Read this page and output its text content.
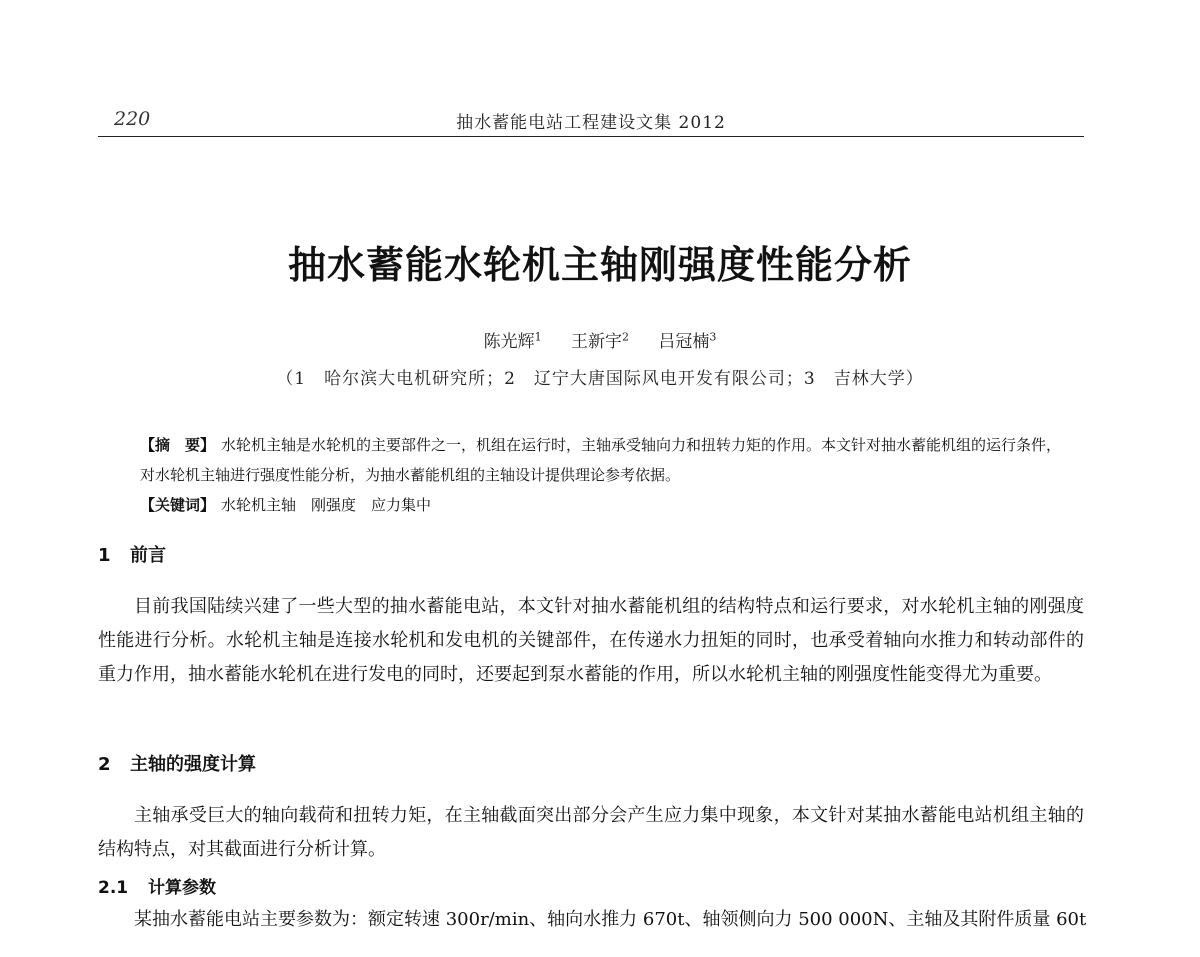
220	抽水蓄能电站工程建设文集 2012
抽水蓄能水轮机主轴刚强度性能分析
陈光辉$^1$ 王新宇$^2$ 吕冠楠$^3$
（1　哈尔滨大电机研究所；2　辽宁大唐国际风电开发有限公司；3　吉林大学）

【摘　要】 水轮机主轴是水轮机的主要部件之一，机组在运行时，主轴承受轴向力和扭转力矩的作用。本文针对抽水蓄能机组的运行条件，对水轮机主轴进行强度性能分析，为抽水蓄能机组的主轴设计提供理论参考依据。

【关键词】 水轮机主轴　刚强度　应力集中

1 前言

目前我国陆续兴建了一些大型的抽水蓄能电站，本文针对抽水蓄能机组的结构特点和运行要求，对水轮机主轴的刚强度性能进行分析。水轮机主轴是连接水轮机和发电机的关键部件，在传递水力扭矩的同时，也承受着轴向水推力和转动部件的重力作用，抽水蓄能水轮机在进行发电的同时，还要起到泵水蓄能的作用，所以水轮机主轴的刚强度性能变得尤为重要。

2 主轴的强度计算

主轴承受巨大的轴向载荷和扭转力矩，在主轴截面突出部分会产生应力集中现象，本文针对某抽水蓄能电站机组主轴的结构特点，对其截面进行分析计算。

2.1 计算参数

某抽水蓄能电站主要参数为：额定转速 300r/min、轴向水推力 670t、轴领侧向力 500 000N、主轴及其附件质量 60t
